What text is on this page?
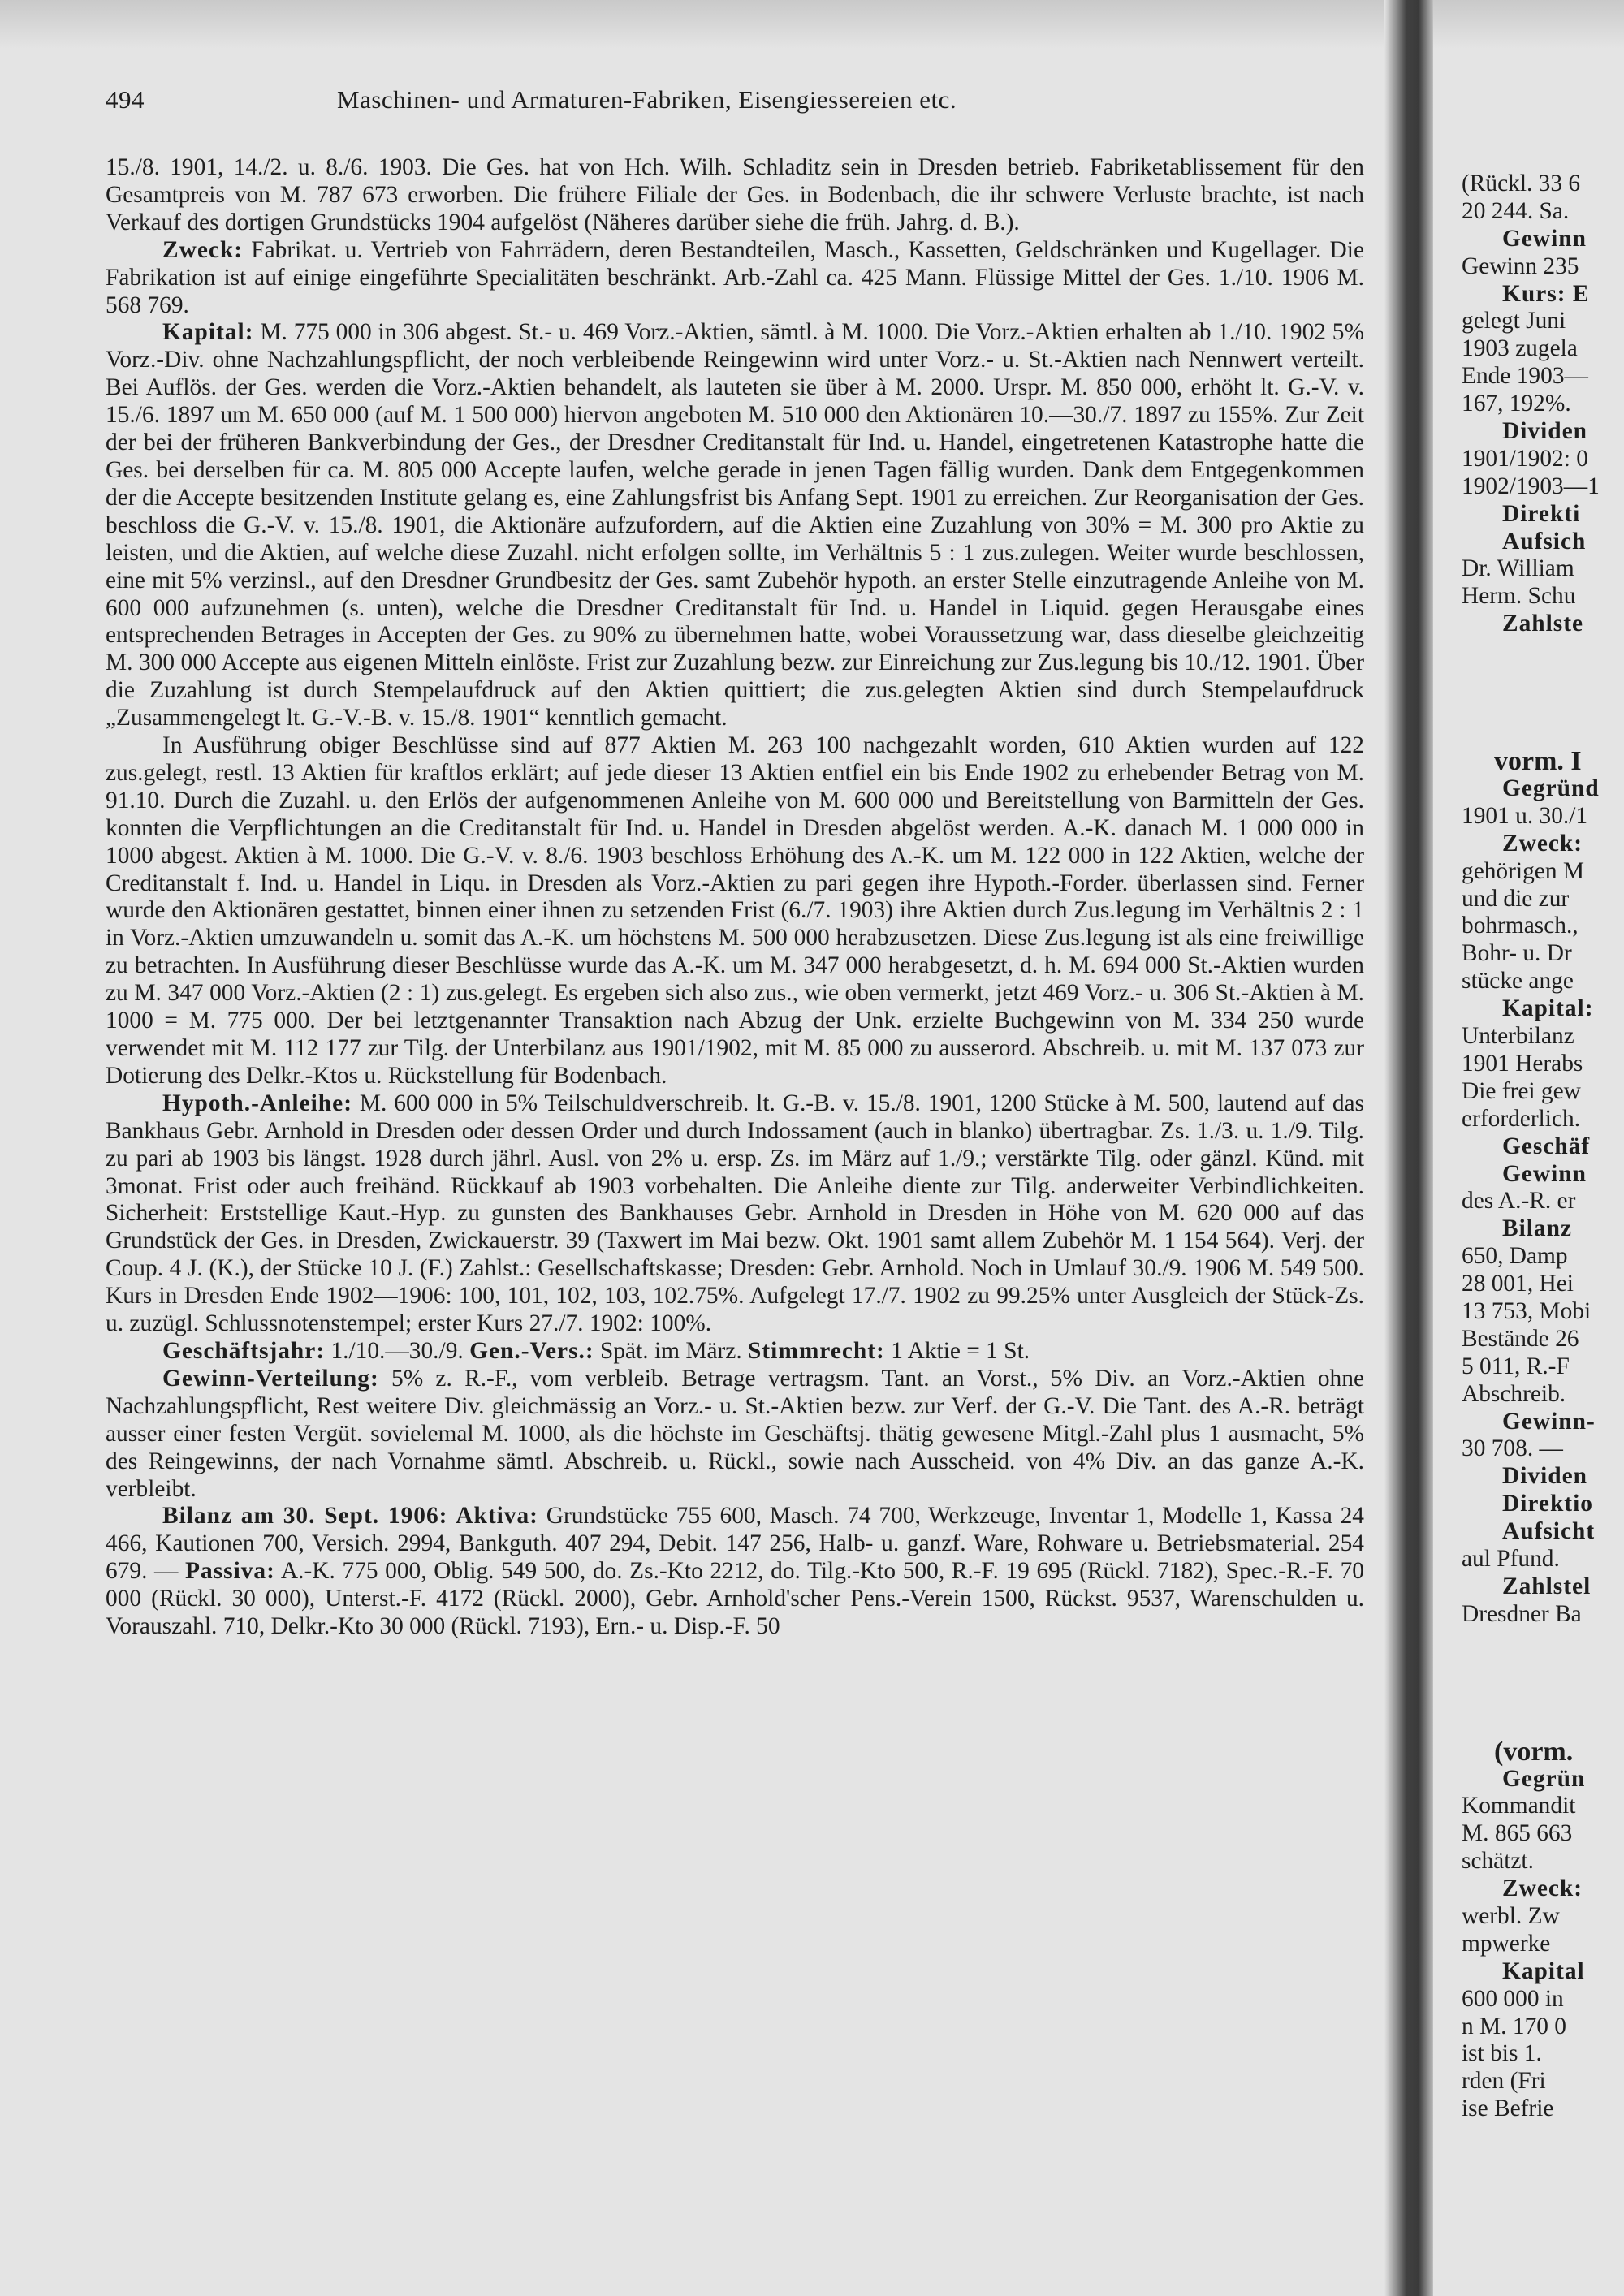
494	Maschinen- und Armaturen-Fabriken, Eisengiessereien etc.

15./8. 1901, 14./2. u. 8./6. 1903. Die Ges. hat von Hch. Wilh. Schladitz sein in Dresden betrieb. Fabriketablissement für den Gesamtpreis von M. 787 673 erworben. Die frühere Filiale der Ges. in Bodenbach, die ihr schwere Verluste brachte, ist nach Verkauf des dortigen Grundstücks 1904 aufgelöst (Näheres darüber siehe die früh. Jahrg. d. B.).

Zweck: Fabrikat. u. Vertrieb von Fahrrädern, deren Bestandteilen, Masch., Kassetten, Geldschränken und Kugellager. Die Fabrikation ist auf einige eingeführte Specialitäten beschränkt. Arb.-Zahl ca. 425 Mann. Flüssige Mittel der Ges. 1./10. 1906 M. 568 769.

Kapital: M. 775 000 in 306 abgest. St.- u. 469 Vorz.-Aktien, sämtl. à M. 1000. Die Vorz.-Aktien erhalten ab 1./10. 1902 5% Vorz.-Div. ohne Nachzahlungspflicht, der noch verbleibende Reingewinn wird unter Vorz.- u. St.-Aktien nach Nennwert verteilt. Bei Auflös. der Ges. werden die Vorz.-Aktien behandelt, als lauteten sie über à M. 2000. Urspr. M. 850 000, erhöht lt. G.-V. v. 15./6. 1897 um M. 650 000 (auf M. 1 500 000) hiervon angeboten M. 510 000 den Aktionären 10.—30./7. 1897 zu 155%. Zur Zeit der bei der früheren Bankverbindung der Ges., der Dresdner Creditanstalt für Ind. u. Handel, eingetretenen Katastrophe hatte die Ges. bei derselben für ca. M. 805 000 Accepte laufen, welche gerade in jenen Tagen fällig wurden. Dank dem Entgegenkommen der die Accepte besitzenden Institute gelang es, eine Zahlungsfrist bis Anfang Sept. 1901 zu erreichen. Zur Reorganisation der Ges. beschloss die G.-V. v. 15./8. 1901, die Aktionäre aufzufordern, auf die Aktien eine Zuzahlung von 30% = M. 300 pro Aktie zu leisten, und die Aktien, auf welche diese Zuzahl. nicht erfolgen sollte, im Verhältnis 5 : 1 zus.zulegen. Weiter wurde beschlossen, eine mit 5% verzinsl., auf den Dresdner Grundbesitz der Ges. samt Zubehör hypoth. an erster Stelle einzutragende Anleihe von M. 600 000 aufzunehmen (s. unten), welche die Dresdner Creditanstalt für Ind. u. Handel in Liquid. gegen Herausgabe eines entsprechenden Betrages in Accepten der Ges. zu 90% zu übernehmen hatte, wobei Voraussetzung war, dass dieselbe gleichzeitig M. 300 000 Accepte aus eigenen Mitteln einlöste. Frist zur Zuzahlung bezw. zur Einreichung zur Zus.legung bis 10./12. 1901. Über die Zuzahlung ist durch Stempelaufdruck auf den Aktien quittiert; die zus.gelegten Aktien sind durch Stempelaufdruck „Zusammengelegt lt. G.-V.-B. v. 15./8. 1901“ kenntlich gemacht.

In Ausführung obiger Beschlüsse sind auf 877 Aktien M. 263 100 nachgezahlt worden, 610 Aktien wurden auf 122 zus.gelegt, restl. 13 Aktien für kraftlos erklärt; auf jede dieser 13 Aktien entfiel ein bis Ende 1902 zu erhebender Betrag von M. 91.10. Durch die Zuzahl. u. den Erlös der aufgenommenen Anleihe von M. 600 000 und Bereitstellung von Barmitteln der Ges. konnten die Verpflichtungen an die Creditanstalt für Ind. u. Handel in Dresden abgelöst werden. A.-K. danach M. 1 000 000 in 1000 abgest. Aktien à M. 1000. Die G.-V. v. 8./6. 1903 beschloss Erhöhung des A.-K. um M. 122 000 in 122 Aktien, welche der Creditanstalt f. Ind. u. Handel in Liqu. in Dresden als Vorz.-Aktien zu pari gegen ihre Hypoth.-Forder. überlassen sind. Ferner wurde den Aktionären gestattet, binnen einer ihnen zu setzenden Frist (6./7. 1903) ihre Aktien durch Zus.legung im Verhältnis 2 : 1 in Vorz.-Aktien umzuwandeln u. somit das A.-K. um höchstens M. 500 000 herabzusetzen. Diese Zus.legung ist als eine freiwillige zu betrachten. In Ausführung dieser Beschlüsse wurde das A.-K. um M. 347 000 herabgesetzt, d. h. M. 694 000 St.-Aktien wurden zu M. 347 000 Vorz.-Aktien (2 : 1) zus.gelegt. Es ergeben sich also zus., wie oben vermerkt, jetzt 469 Vorz.- u. 306 St.-Aktien à M. 1000 = M. 775 000. Der bei letztgenannter Transaktion nach Abzug der Unk. erzielte Buchgewinn von M. 334 250 wurde verwendet mit M. 112 177 zur Tilg. der Unterbilanz aus 1901/1902, mit M. 85 000 zu ausserord. Abschreib. u. mit M. 137 073 zur Dotierung des Delkr.-Ktos u. Rückstellung für Bodenbach.

Hypoth.-Anleihe: M. 600 000 in 5% Teilschuldverschreib. lt. G.-B. v. 15./8. 1901, 1200 Stücke à M. 500, lautend auf das Bankhaus Gebr. Arnhold in Dresden oder dessen Order und durch Indossament (auch in blanko) übertragbar. Zs. 1./3. u. 1./9. Tilg. zu pari ab 1903 bis längst. 1928 durch jährl. Ausl. von 2% u. ersp. Zs. im März auf 1./9.; verstärkte Tilg. oder gänzl. Künd. mit 3monat. Frist oder auch freihänd. Rückkauf ab 1903 vorbehalten. Die Anleihe diente zur Tilg. anderweiter Verbindlichkeiten. Sicherheit: Erststellige Kaut.-Hyp. zu gunsten des Bankhauses Gebr. Arnhold in Dresden in Höhe von M. 620 000 auf das Grundstück der Ges. in Dresden, Zwickauerstr. 39 (Taxwert im Mai bezw. Okt. 1901 samt allem Zubehör M. 1 154 564). Verj. der Coup. 4 J. (K.), der Stücke 10 J. (F.) Zahlst.: Gesellschaftskasse; Dresden: Gebr. Arnhold. Noch in Umlauf 30./9. 1906 M. 549 500. Kurs in Dresden Ende 1902—1906: 100, 101, 102, 103, 102.75%. Aufgelegt 17./7. 1902 zu 99.25% unter Ausgleich der Stück-Zs. u. zuzügl. Schlussnotenstempel; erster Kurs 27./7. 1902: 100%.

Geschäftsjahr: 1./10.—30./9. Gen.-Vers.: Spät. im März. Stimmrecht: 1 Aktie = 1 St.

Gewinn-Verteilung: 5% z. R.-F., vom verbleib. Betrage vertragsm. Tant. an Vorst., 5% Div. an Vorz.-Aktien ohne Nachzahlungspflicht, Rest weitere Div. gleichmässig an Vorz.- u. St.-Aktien bezw. zur Verf. der G.-V. Die Tant. des A.-R. beträgt ausser einer festen Vergüt. sovielemal M. 1000, als die höchste im Geschäftsj. thätig gewesene Mitgl.-Zahl plus 1 ausmacht, 5% des Reingewinns, der nach Vornahme sämtl. Abschreib. u. Rückl., sowie nach Ausscheid. von 4% Div. an das ganze A.-K. verbleibt.

Bilanz am 30. Sept. 1906: Aktiva: Grundstücke 755 600, Masch. 74 700, Werkzeuge, Inventar 1, Modelle 1, Kassa 24 466, Kautionen 700, Versich. 2994, Bankguth. 407 294, Debit. 147 256, Halb- u. ganzf. Ware, Rohware u. Betriebsmaterial. 254 679. — Passiva: A.-K. 775 000, Oblig. 549 500, do. Zs.-Kto 2212, do. Tilg.-Kto 500, R.-F. 19 695 (Rückl. 7182), Spec.-R.-F. 70 000 (Rückl. 30 000), Unterst.-F. 4172 (Rückl. 2000), Gebr. Arnhold'scher Pens.-Verein 1500, Rückst. 9537, Warenschulden u. Vorauszahl. 710, Delkr.-Kto 30 000 (Rückl. 7193), Ern.- u. Disp.-F. 50

(Rückl. 33 6
20 244. Sa.
Gewinn
Gewinn 235
Kurs: E
gelegt Juni
1903 zugela
Ende 1903—
167, 192%.
Dividen
1901/1902: 0
1902/1903—1
Direkti
Aufsich
Dr. William
Herm. Schu
Zahlste
vorm. I
Gegründ
1901 u. 30./1
Zweck:
gehörigen M
und die zur
bohrmasch.,
Bohr- u. Dr
stücke ange
Kapital:
Unterbilanz
1901 Herabs
Die frei gew
erforderlich.
Geschäf
Gewinn
des A.-R. er
Bilanz
650, Damp
28 001, Hei
13 753, Mobi
Bestände 26
5 011, R.-F
Abschreib.
Gewinn-
30 708. —
Dividen
Direktio
Aufsicht
aul Pfund.
Zahlstel
Dresdner Ba
(vorm.
Gegrün
Kommandit
M. 865 663
schätzt.
Zweck:
werbl. Zw
mpwerke
Kapital
600 000 in
n M. 170 0
ist bis 1.
rden (Fri
ise Befrie
